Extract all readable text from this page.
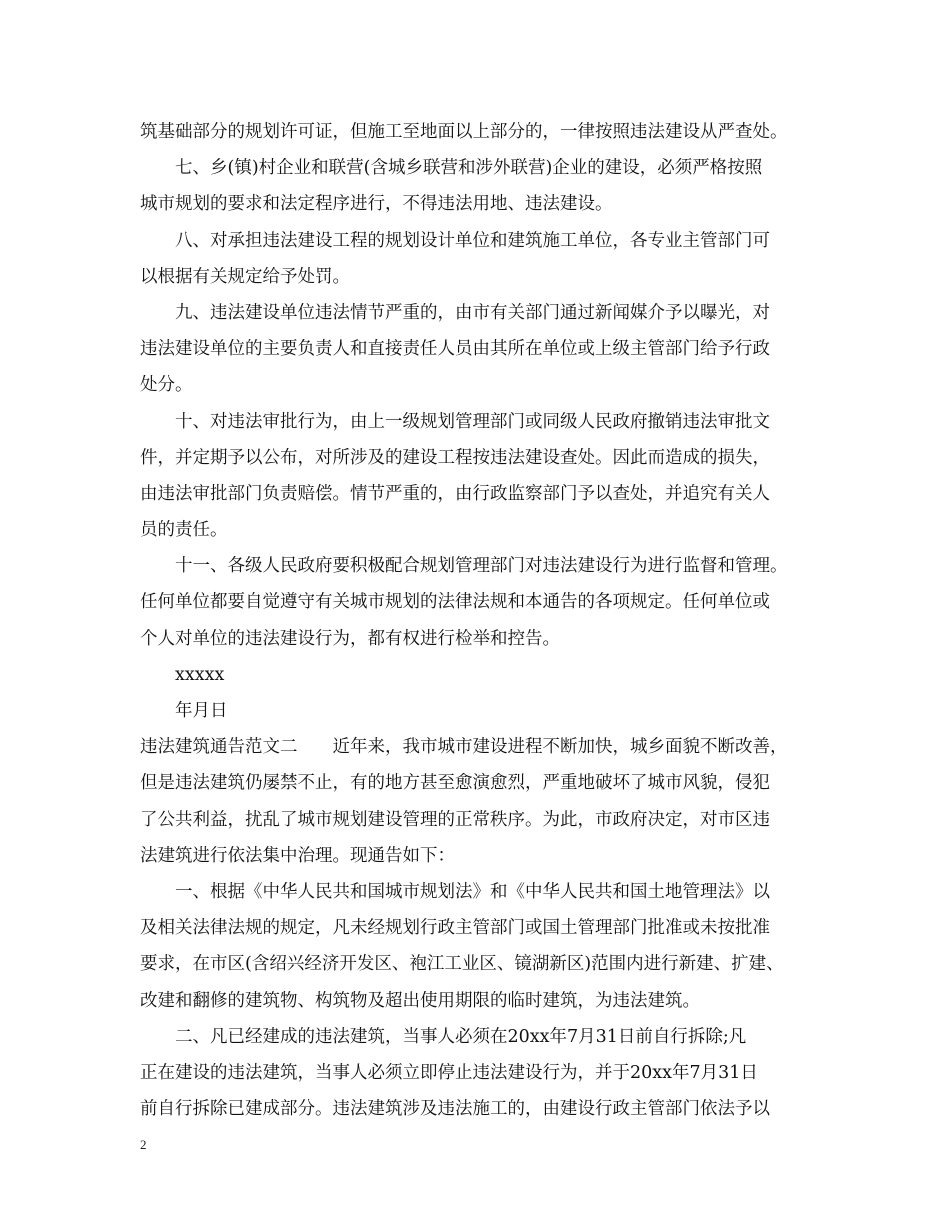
筑基础部分的规划许可证，但施工至地面以上部分的，一律按照违法建设从严查处。
七、乡(镇)村企业和联营(含城乡联营和涉外联营)企业的建设，必须严格按照
城市规划的要求和法定程序进行，不得违法用地、违法建设。
八、对承担违法建设工程的规划设计单位和建筑施工单位，各专业主管部门可
以根据有关规定给予处罚。
九、违法建设单位违法情节严重的，由市有关部门通过新闻媒介予以曝光，对
违法建设单位的主要负责人和直接责任人员由其所在单位或上级主管部门给予行政
处分。
十、对违法审批行为，由上一级规划管理部门或同级人民政府撤销违法审批文
件，并定期予以公布，对所涉及的建设工程按违法建设查处。因此而造成的损失，
由违法审批部门负责赔偿。情节严重的，由行政监察部门予以查处，并追究有关人
员的责任。
十一、各级人民政府要积极配合规划管理部门对违法建设行为进行监督和管理。
任何单位都要自觉遵守有关城市规划的法律法规和本通告的各项规定。任何单位或
个人对单位的违法建设行为，都有权进行检举和控告。
xxxxx
年月日
违法建筑通告范文二　　近年来，我市城市建设进程不断加快，城乡面貌不断改善，
但是违法建筑仍屡禁不止，有的地方甚至愈演愈烈，严重地破坏了城市风貌，侵犯
了公共利益，扰乱了城市规划建设管理的正常秩序。为此，市政府决定，对市区违
法建筑进行依法集中治理。现通告如下：
一、根据《中华人民共和国城市规划法》和《中华人民共和国土地管理法》以
及相关法律法规的规定，凡未经规划行政主管部门或国土管理部门批准或未按批准
要求，在市区(含绍兴经济开发区、袍江工业区、镜湖新区)范围内进行新建、扩建、
改建和翻修的建筑物、构筑物及超出使用期限的临时建筑，为违法建筑。
二、凡已经建成的违法建筑，当事人必须在20xx年7月31日前自行拆除;凡
正在建设的违法建筑，当事人必须立即停止违法建设行为，并于20xx年7月31日
前自行拆除已建成部分。违法建筑涉及违法施工的，由建设行政主管部门依法予以
2
